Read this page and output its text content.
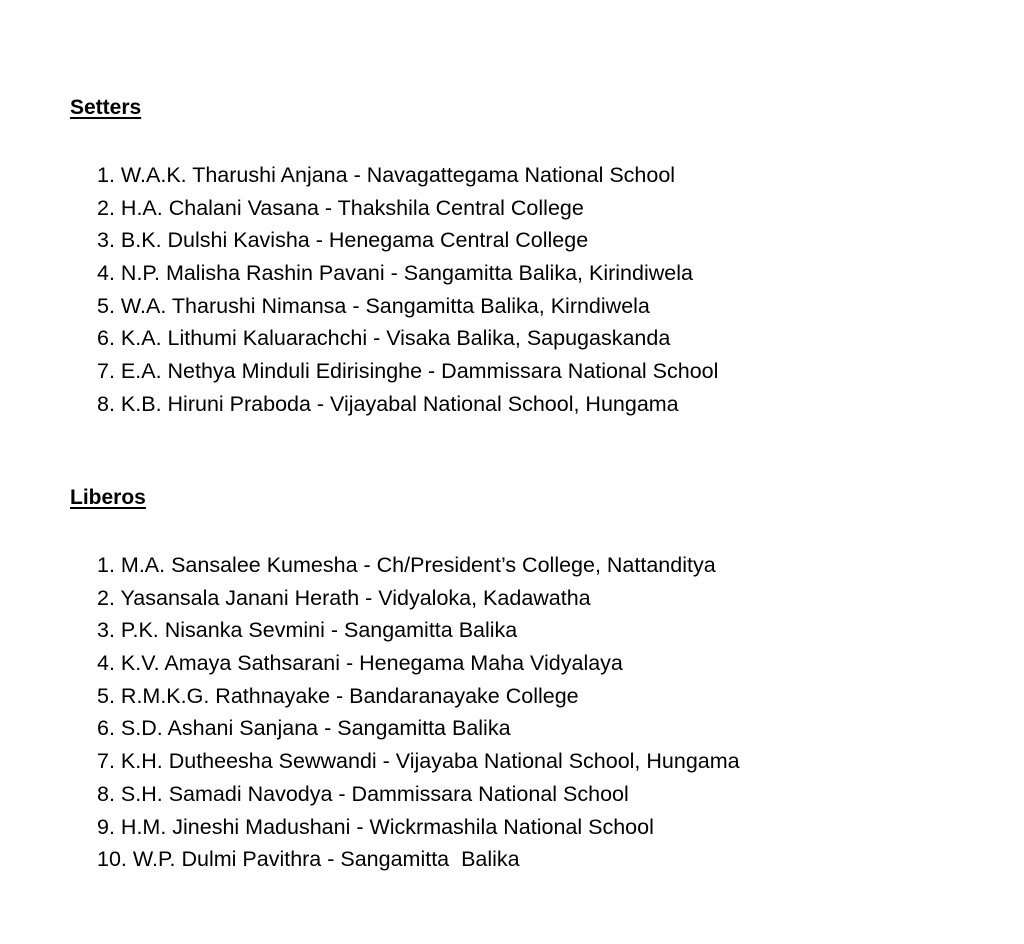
Setters
1. W.A.K. Tharushi Anjana - Navagattegama National School
2. H.A. Chalani Vasana - Thakshila Central College
3. B.K. Dulshi Kavisha - Henegama Central College
4. N.P. Malisha Rashin Pavani - Sangamitta Balika, Kirindiwela
5. W.A. Tharushi Nimansa - Sangamitta Balika, Kirndiwela
6. K.A. Lithumi Kaluarachchi - Visaka Balika, Sapugaskanda
7. E.A. Nethya Minduli Edirisinghe - Dammissara National School
8. K.B. Hiruni Praboda - Vijayabal National School, Hungama
Liberos
1. M.A. Sansalee Kumesha - Ch/President’s College, Nattanditya
2. Yasansala Janani Herath - Vidyaloka, Kadawatha
3. P.K. Nisanka Sevmini - Sangamitta Balika
4. K.V. Amaya Sathsarani - Henegama Maha Vidyalaya
5. R.M.K.G. Rathnayake - Bandaranayake College
6. S.D. Ashani Sanjana - Sangamitta Balika
7. K.H. Dutheesha Sewwandi - Vijayaba National School, Hungama
8. S.H. Samadi Navodya - Dammissara National School
9. H.M. Jineshi Madushani - Wickrmashila National School
10. W.P. Dulmi Pavithra - Sangamitta  Balika
